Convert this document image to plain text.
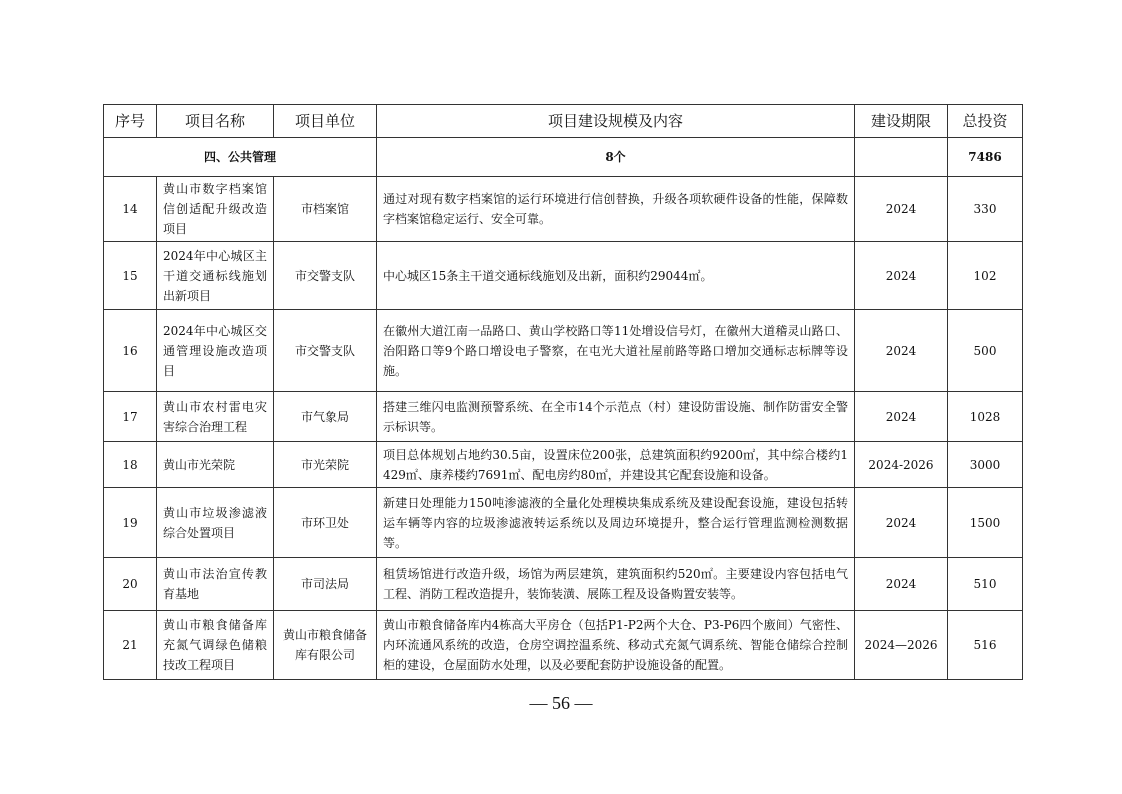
序号	项目名称	项目单位	项目建设规模及内容	建设期限	总投资
四、公共管理			8个		7486
14	黄山市数字档案馆信创适配升级改造项目	市档案馆	通过对现有数字档案馆的运行环境进行信创替换，升级各项软硬件设备的性能，保障数字档案馆稳定运行、安全可靠。	2024	330
15	2024年中心城区主干道交通标线施划出新项目	市交警支队	中心城区15条主干道交通标线施划及出新，面积约29044㎡。	2024	102
16	2024年中心城区交通管理设施改造项目	市交警支队	在徽州大道江南一品路口、黄山学校路口等11处增设信号灯，在徽州大道稽灵山路口、治阳路口等9个路口增设电子警察，在屯光大道社屋前路等路口增加交通标志标牌等设施。	2024	500
17	黄山市农村雷电灾害综合治理工程	市气象局	搭建三维闪电监测预警系统、在全市14个示范点（村）建设防雷设施、制作防雷安全警示标识等。	2024	1028
18	黄山市光荣院	市光荣院	项目总体规划占地约30.5亩，设置床位200张，总建筑面积约9200㎡，其中综合楼约1429㎡、康养楼约7691㎡、配电房约80㎡，并建设其它配套设施和设备。	2024-2026	3000
19	黄山市垃圾渗滤液综合处置项目	市环卫处	新建日处理能力150吨渗滤液的全量化处理模块集成系统及建设配套设施，建设包括转运车辆等内容的垃圾渗滤液转运系统以及周边环境提升，整合运行管理监测检测数据等。	2024	1500
20	黄山市法治宣传教育基地	市司法局	租赁场馆进行改造升级，场馆为两层建筑，建筑面积约520㎡。主要建设内容包括电气工程、消防工程改造提升，装饰装潢、展陈工程及设备购置安装等。	2024	510
21	黄山市粮食储备库充氮气调绿色储粮技改工程项目	黄山市粮食储备库有限公司	黄山市粮食储备库内4栋高大平房仓（包括P1-P2两个大仓、P3-P6四个廒间）气密性、内环流通风系统的改造，仓房空调控温系统、移动式充氮气调系统、智能仓储综合控制柜的建设，仓屋面防水处理，以及必要配套防护设施设备的配置。	2024—2026	516
— 56 —
